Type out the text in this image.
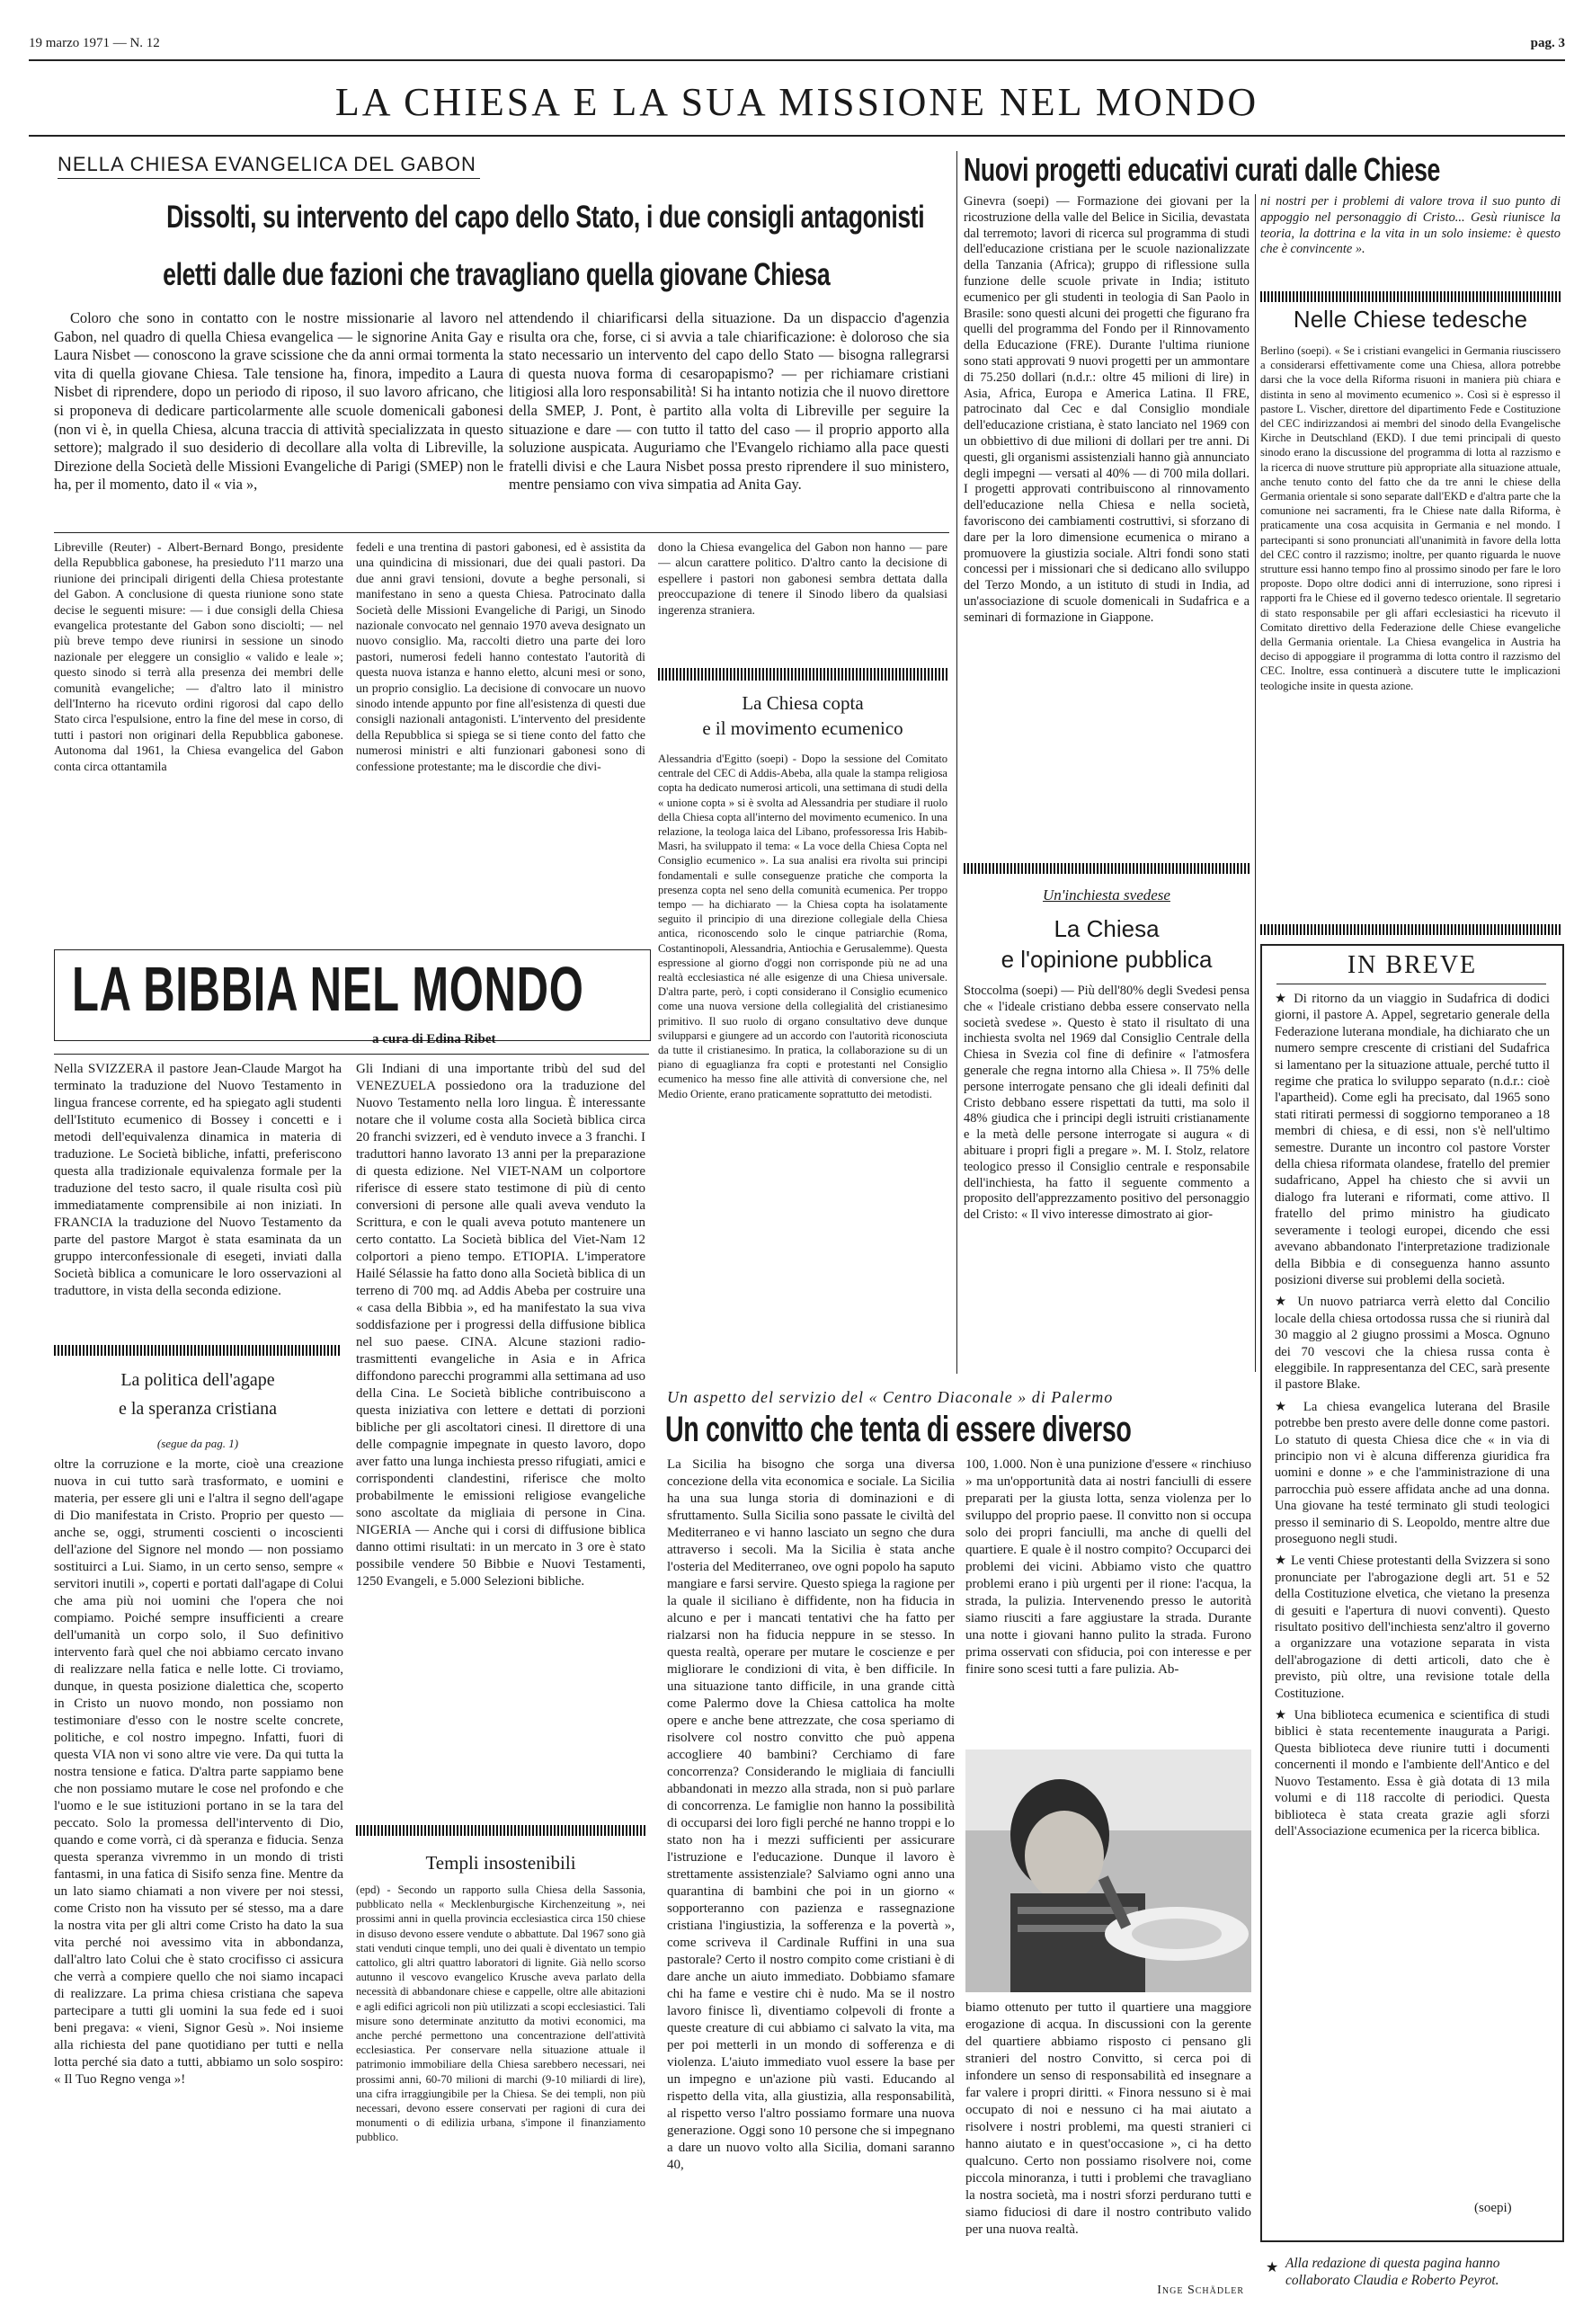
19 marzo 1971 — N. 12	pag. 3
LA CHIESA E LA SUA MISSIONE NEL MONDO
NELLA CHIESA EVANGELICA DEL GABON
Dissolti, su intervento del capo dello Stato, i due consigli antagonisti
eletti dalle due fazioni che travagliano quella giovane Chiesa
Coloro che sono in contatto con le nostre missionarie al lavoro nel Gabon, nel quadro di quella Chiesa evangelica — le signorine Anita Gay e Laura Nisbet — conoscono la grave scissione che da anni ormai tormenta la vita di quella giovane Chiesa. Tale tensione ha, finora, impedito a Laura Nisbet di riprendere, dopo un periodo di riposo, il suo lavoro africano, che si proponeva di dedicare particolarmente alle scuole domenicali gabonesi (non vi è, in quella Chiesa, alcuna traccia di attività specializzata in questo settore); malgrado il suo desiderio di decollare alla volta di Libreville, la Direzione della Società delle Missioni Evangeliche di Parigi (SMEP) non le ha, per il momento, dato il « via »,
attendendo il chiarificarsi della situazione. Da un dispaccio d'agenzia risulta ora che, forse, ci si avvia a tale chiarificazione: è doloroso che sia stato necessario un intervento del capo dello Stato — bisogna rallegrarsi di questa nuova forma di cesaropapismo? — per richiamare cristiani litigiosi alla loro responsabilità! Si ha intanto notizia che il nuovo direttore della SMEP, J. Pont, è partito alla volta di Libreville per seguire la situazione e dare — con tutto il tatto del caso — il proprio apporto alla soluzione auspicata. Auguriamo che l'Evangelo richiamo alla pace questi fratelli divisi e che Laura Nisbet possa presto riprendere il suo ministero, mentre pensiamo con viva simpatia ad Anita Gay.
Libreville (Reuter) - Albert-Bernard Bongo, presidente della Repubblica gabonese, ha presieduto l'11 marzo una riunione dei principali dirigenti della Chiesa protestante del Gabon. A conclusione di questa riunione sono state decise le seguenti misure: — i due consigli della Chiesa evangelica protestante del Gabon sono disciolti; — nel più breve tempo deve riunirsi in sessione un sinodo nazionale per eleggere un consiglio « valido e leale »; questo sinodo si terrà alla presenza dei membri delle comunità evangeliche; — d'altro lato il ministro dell'Interno ha ricevuto ordini rigorosi dal capo dello Stato circa l'espulsione, entro la fine del mese in corso, di tutti i pastori non originari della Repubblica gabonese. Autonoma dal 1961, la Chiesa evangelica del Gabon conta circa ottantamila
fedeli e una trentina di pastori gabonesi, ed è assistita da una quindicina di missionari, due dei quali pastori. Da due anni gravi tensioni, dovute a beghe personali, si manifestano in seno a questa Chiesa. Patrocinato dalla Società delle Missioni Evangeliche di Parigi, un Sinodo nazionale convocato nel gennaio 1970 aveva designato un nuovo consiglio. Ma, raccolti dietro una parte dei loro pastori, numerosi fedeli hanno contestato l'autorità di questa nuova istanza e hanno eletto, alcuni mesi or sono, un proprio consiglio. La decisione di convocare un nuovo sinodo intende appunto por fine all'esistenza di questi due consigli nazionali antagonisti. L'intervento del presidente della Repubblica si spiega se si tiene conto del fatto che numerosi ministri e alti funzionari gabonesi sono di confessione protestante; ma le discordie che divi-
dono la Chiesa evangelica del Gabon non hanno — pare — alcun carattere politico. D'altro canto la decisione di espellere i pastori non gabonesi sembra dettata dalla preoccupazione di tenere il Sinodo libero da qualsiasi ingerenza straniera.
La Chiesa copta
e il movimento ecumenico
Alessandria d'Egitto (soepi) - Dopo la sessione del Comitato centrale del CEC di Addis-Abeba, alla quale la stampa religiosa copta ha dedicato numerosi articoli, una settimana di studi della « unione copta » si è svolta ad Alessandria per studiare il ruolo della Chiesa copta all'interno del movimento ecumenico. In una relazione, la teologa laica del Libano, professoressa Iris Habib-Masri, ha sviluppato il tema: « La voce della Chiesa Copta nel Consiglio ecumenico ». La sua analisi era rivolta sui principi fondamentali e sulle conseguenze pratiche che comporta la presenza copta nel seno della comunità ecumenica. Per troppo tempo — ha dichiarato — la Chiesa copta ha isolatamente seguito il principio di una direzione collegiale della Chiesa antica, riconoscendo solo le cinque patriarchie (Roma, Costantinopoli, Alessandria, Antiochia e Gerusalemme). Questa espressione al giorno d'oggi non corrisponde più ne ad una realtà ecclesiastica né alle esigenze di una Chiesa universale. D'altra parte, però, i copti considerano il Consiglio ecumenico come una nuova versione della collegialità del cristianesimo primitivo. Il suo ruolo di organo consultativo deve dunque svilupparsi e giungere ad un accordo con l'autorità riconosciuta da tutte il cristianesimo. In pratica, la collaborazione su di un piano di eguaglianza fra copti e protestanti nel Consiglio ecumenico ha messo fine alle attività di conversione che, nel Medio Oriente, erano praticamente soprattutto dei metodisti.
LA BIBBIA NEL MONDO
a cura di Edina Ribet
Nella SVIZZERA il pastore Jean-Claude Margot ha terminato la traduzione del Nuovo Testamento in lingua francese corrente, ed ha spiegato agli studenti dell'Istituto ecumenico di Bossey i concetti e i metodi dell'equivalenza dinamica in materia di traduzione. Le Società bibliche, infatti, preferiscono questa alla tradizionale equivalenza formale per la traduzione del testo sacro, il quale risulta così più immediatamente comprensibile ai non iniziati. In FRANCIA la traduzione del Nuovo Testamento da parte del pastore Margot è stata esaminata da un gruppo interconfessionale di esegeti, inviati dalla Società biblica a comunicare le loro osservazioni al traduttore, in vista della seconda edizione.
Gli Indiani di una importante tribù del sud del VENEZUELA possiedono ora la traduzione del Nuovo Testamento nella loro lingua. È interessante notare che il volume costa alla Società biblica circa 20 franchi svizzeri, ed è venduto invece a 3 franchi. I traduttori hanno lavorato 13 anni per la preparazione di questa edizione. Nel VIET-NAM un colportore riferisce di essere stato testimone di più di cento conversioni di persone alle quali aveva venduto la Scrittura, e con le quali aveva potuto mantenere un certo contatto. La Società biblica del Viet-Nam 12 colportori a pieno tempo. ETIOPIA. L'imperatore Hailé Sélassie ha fatto dono alla Società biblica di un terreno di 700 mq. ad Addis Abeba per costruire una « casa della Bibbia », ed ha manifestato la sua viva soddisfazione per i progressi della diffusione biblica nel suo paese. CINA. Alcune stazioni radio-trasmittenti evangeliche in Asia e in Africa diffondono parecchi programmi alla settimana ad uso della Cina. Le Società bibliche contribuiscono a questa iniziativa con lettere e dettati di porzioni bibliche per gli ascoltatori cinesi. Il direttore di una delle compagnie impegnate in questo lavoro, dopo aver fatto una lunga inchiesta presso rifugiati, amici e corrispondenti clandestini, riferisce che molto probabilmente le emissioni religiose evangeliche sono ascoltate da migliaia di persone in Cina. NIGERIA — Anche qui i corsi di diffusione biblica danno ottimi risultati: in un mercato in 3 ore è stato possibile vendere 50 Bibbie e Nuovi Testamenti, 1250 Evangeli, e 5.000 Selezioni bibliche.
La politica dell'agape
e la speranza cristiana
(segue da pag. 1)
oltre la corruzione e la morte, cioè una creazione nuova in cui tutto sarà trasformato, e uomini e materia, per essere gli uni e l'altra il segno dell'agape di Dio manifestata in Cristo. Proprio per questo — anche se, oggi, strumenti coscienti o incoscienti dell'azione del Signore nel mondo — non possiamo sostituirci a Lui. Siamo, in un certo senso, sempre « servitori inutili », coperti e portati dall'agape di Colui che ama più noi uomini che l'opera che noi compiamo. Poiché sempre insufficienti a creare dell'umanità un corpo solo, il Suo definitivo intervento farà quel che noi abbiamo cercato invano di realizzare nella fatica e nelle lotte. Ci troviamo, dunque, in questa posizione dialettica che, scoperto in Cristo un nuovo mondo, non possiamo non testimoniare d'esso con le nostre scelte concrete, politiche, e col nostro impegno. Infatti, fuori di questa VIA non vi sono altre vie vere. Da qui tutta la nostra tensione e fatica. D'altra parte sappiamo bene che non possiamo mutare le cose nel profondo e che l'uomo e le sue istituzioni portano in se la tara del peccato. Solo la promessa dell'intervento di Dio, quando e come vorrà, ci dà speranza e fiducia. Senza questa speranza vivremmo in un mondo di tristi fantasmi, in una fatica di Sisifo senza fine. Mentre da un lato siamo chiamati a non vivere per noi stessi, come Cristo non ha vissuto per sé stesso, ma a dare la nostra vita per gli altri come Cristo ha dato la sua vita perché noi avessimo vita in abbondanza, dall'altro lato Colui che è stato crocifisso ci assicura che verrà a compiere quello che noi siamo incapaci di realizzare. La prima chiesa cristiana che sapeva partecipare a tutti gli uomini la sua fede ed i suoi beni pregava: « vieni, Signor Gesù ». Noi insieme alla richiesta del pane quotidiano per tutti e nella lotta perché sia dato a tutti, abbiamo un solo sospiro: « Il Tuo Regno venga »!
Templi insostenibili
(epd) - Secondo un rapporto sulla Chiesa della Sassonia, pubblicato nella « Mecklenburgische Kirchenzeitung », nei prossimi anni in quella provincia ecclesiastica circa 150 chiese in disuso devono essere vendute o abbattute. Dal 1967 sono già stati venduti cinque templi, uno dei quali è diventato un tempio cattolico, gli altri quattro laboratori di lignite. Già nello scorso autunno il vescovo evangelico Krusche aveva parlato della necessità di abbandonare chiese e cappelle, oltre alle abitazioni e agli edifici agricoli non più utilizzati a scopi ecclesiastici. Tali misure sono determinate anzitutto da motivi economici, ma anche perché permettono una concentrazione dell'attività ecclesiastica. Per conservare nella situazione attuale il patrimonio immobiliare della Chiesa sarebbero necessari, nei prossimi anni, 60-70 milioni di marchi (9-10 miliardi di lire), una cifra irraggiungibile per la Chiesa. Se dei templi, non più necessari, devono essere conservati per ragioni di cura dei monumenti o di edilizia urbana, s'impone il finanziamento pubblico.
Nuovi progetti educativi curati dalle Chiese
Ginevra (soepi) — Formazione dei giovani per la ricostruzione della valle del Belice in Sicilia, devastata dal terremoto; lavori di ricerca sul programma di studi dell'educazione cristiana per le scuole nazionalizzate della Tanzania (Africa); gruppo di riflessione sulla funzione delle scuole private in India; istituto ecumenico per gli studenti in teologia di San Paolo in Brasile: sono questi alcuni dei progetti che figurano fra quelli del programma del Fondo per il Rinnovamento della Educazione (FRE). Durante l'ultima riunione sono stati approvati 9 nuovi progetti per un ammontare di 75.250 dollari (n.d.r.: oltre 45 milioni di lire) in Asia, Africa, Europa e America Latina. Il FRE, patrocinato dal Cec e dal Consiglio mondiale dell'educazione cristiana, è stato lanciato nel 1969 con un obbiettivo di due milioni di dollari per tre anni. Di questi, gli organismi assistenziali hanno già annunciato degli impegni — versati al 40% — di 700 mila dollari. I progetti approvati contribuiscono al rinnovamento dell'educazione nella Chiesa e nella società, favoriscono dei cambiamenti costruttivi, si sforzano di dare per la loro dimensione ecumenica o mirano a promuovere la giustizia sociale. Altri fondi sono stati concessi per i missionari che si dedicano allo sviluppo del Terzo Mondo, a un istituto di studi in India, ad un'associazione di scuole domenicali in Sudafrica e a seminari di formazione in Giappone.
ni nostri per i problemi di valore trova il suo punto di appoggio nel personaggio di Cristo... Gesù riunisce la teoria, la dottrina e la vita in un solo insieme: è questo che è convincente ».
Nelle Chiese tedesche
Berlino (soepi). « Se i cristiani evangelici in Germania riuscissero a considerarsi effettivamente come una Chiesa, allora potrebbe darsi che la voce della Riforma risuoni in maniera più chiara e distinta in seno al movimento ecumenico ». Così si è espresso il pastore L. Vischer, direttore del dipartimento Fede e Costituzione del CEC indirizzandosi ai membri del sinodo della Evangelische Kirche in Deutschland (EKD). I due temi principali di questo sinodo erano la discussione del programma di lotta al razzismo e la ricerca di nuove strutture più appropriate alla situazione attuale, anche tenuto conto del fatto che da tre anni le chiese della Germania orientale si sono separate dall'EKD e d'altra parte che la comunione nei sacramenti, fra le Chiese nate dalla Riforma, è praticamente una cosa acquisita in Germania e nel mondo. I partecipanti si sono pronunciati all'unanimità in favore della lotta del CEC contro il razzismo; inoltre, per quanto riguarda le nuove strutture essi hanno tempo fino al prossimo sinodo per fare le loro proposte. Dopo oltre dodici anni di interruzione, sono ripresi i rapporti fra le Chiese ed il governo tedesco orientale. Il segretario di stato responsabile per gli affari ecclesiastici ha ricevuto il Comitato direttivo della Federazione delle Chiese evangeliche della Germania orientale. La Chiesa evangelica in Austria ha deciso di appoggiare il programma di lotta contro il razzismo del CEC. Inoltre, essa continuerà a discutere tutte le implicazioni teologiche insite in questa azione.
Un'inchiesta svedese
La Chiesa
e l'opinione pubblica
Stoccolma (soepi) — Più dell'80% degli Svedesi pensa che « l'ideale cristiano debba essere conservato nella società svedese ». Questo è stato il risultato di una inchiesta svolta nel 1969 dal Consiglio Centrale della Chiesa in Svezia col fine di definire « l'atmosfera generale che regna intorno alla Chiesa ». Il 75% delle persone interrogate pensano che gli ideali definiti dal Cristo debbano essere rispettati da tutti, ma solo il 48% giudica che i principi degli istruiti cristianamente e la metà delle persone interrogate si augura « di abituare i propri figli a pregare ». M. I. Stolz, relatore teologico presso il Consiglio centrale e responsabile dell'inchiesta, ha fatto il seguente commento a proposito dell'apprezzamento positivo del personaggio del Cristo: « Il vivo interesse dimostrato ai gior-
IN BREVE

★ Di ritorno da un viaggio in Sudafrica di dodici giorni, il pastore A. Appel, segretario generale della Federazione luterana mondiale, ha dichiarato che un numero sempre crescente di cristiani del Sudafrica si lamentano per la situazione attuale, perché tutto il regime che pratica lo sviluppo separato (n.d.r.: cioè l'apartheid). Come egli ha precisato, dal 1965 sono stati ritirati permessi di soggiorno temporaneo a 18 membri di chiesa, e di essi, non s'è nell'ultimo semestre. Durante un incontro col pastore Vorster della chiesa riformata olandese, fratello del premier sudafricano, Appel ha chiesto che si avvii un dialogo fra luterani e riformati, come attivo. Il fratello del primo ministro ha giudicato severamente i teologi europei, dicendo che essi avevano abbandonato l'interpretazione tradizionale della Bibbia e di conseguenza hanno assunto posizioni diverse sui problemi della società.

★ Un nuovo patriarca verrà eletto dal Concilio locale della chiesa ortodossa russa che si riunirà dal 30 maggio al 2 giugno prossimi a Mosca. Ognuno dei 70 vescovi che la chiesa russa conta è eleggibile. In rappresentanza del CEC, sarà presente il pastore Blake.

★ La chiesa evangelica luterana del Brasile potrebbe ben presto avere delle donne come pastori. Lo statuto di questa Chiesa dice che « in via di principio non vi è alcuna differenza giuridica fra uomini e donne » e che l'amministrazione di una parrocchia può essere affidata anche ad una donna. Una giovane ha testé terminato gli studi teologici presso il seminario di S. Leopoldo, mentre altre due proseguono negli studi.

★ Le venti Chiese protestanti della Svizzera si sono pronunciate per l'abrogazione degli art. 51 e 52 della Costituzione elvetica, che vietano la presenza di gesuiti e l'apertura di nuovi conventi). Questo risultato positivo dell'inchiesta senz'altro il governo a organizzare una votazione separata in vista dell'abrogazione di detti articoli, dato che è previsto, più oltre, una revisione totale della Costituzione.

★ Una biblioteca ecumenica e scientifica di studi biblici è stata recentemente inaugurata a Parigi. Questa biblioteca deve riunire tutti i documenti concernenti il mondo e l'ambiente dell'Antico e del Nuovo Testamento. Essa è già dotata di 13 mila volumi e di 118 raccolte di periodici. Questa biblioteca è stata creata grazie agli sforzi dell'Associazione ecumenica per la ricerca biblica.

(soepi)
★ Alla redazione di questa pagina hanno collaborato Claudia e Roberto Peyrot.
Un aspetto del servizio del « Centro Diaconale » di Palermo
Un convitto che tenta di essere diverso
La Sicilia ha bisogno che sorga una diversa concezione della vita economica e sociale. La Sicilia ha una sua lunga storia di dominazioni e di sfruttamento. Sulla Sicilia sono passate le civiltà del Mediterraneo e vi hanno lasciato un segno che dura attraverso i secoli. Ma la Sicilia è stata anche l'osteria del Mediterraneo, ove ogni popolo ha saputo mangiare e farsi servire. Questo spiega la ragione per la quale il siciliano è diffidente, non ha fiducia in alcuno e per i mancati tentativi che ha fatto per rialzarsi non ha fiducia neppure in se stesso. In questa realtà, operare per mutare le coscienze e per migliorare le condizioni di vita, è ben difficile. In una situazione tanto difficile, in una grande città come Palermo dove la Chiesa cattolica ha molte opere e anche bene attrezzate, che cosa speriamo di risolvere col nostro convitto che può appena accogliere 40 bambini? Cerchiamo di fare concorrenza? Considerando le migliaia di fanciulli abbandonati in mezzo alla strada, non si può parlare di concorrenza. Le famiglie non hanno la possibilità di occuparsi dei loro figli perché ne hanno troppi e lo stato non ha i mezzi sufficienti per assicurare l'istruzione e l'educazione. Dunque il lavoro è strettamente assistenziale? Salviamo ogni anno una quarantina di bambini che poi in un giorno « sopporteranno con pazienza e rassegnazione cristiana l'ingiustizia, la sofferenza e la povertà », come scriveva il Cardinale Ruffini in una sua pastorale? Certo il nostro compito come cristiani è di dare anche un aiuto immediato. Dobbiamo sfamare chi ha fame e vestire chi è nudo. Ma se il nostro lavoro finisce lì, diventiamo colpevoli di fronte a queste creature di cui abbiamo ci salvato la vita, ma per poi metterli in un mondo di sofferenza e di violenza. L'aiuto immediato vuol essere la base per un impegno e un'azione più vasti. Educando al rispetto della vita, alla giustizia, alla responsabilità, al rispetto verso l'altro possiamo formare una nuova generazione. Oggi sono 10 persone che si impegnano a dare un nuovo volto alla Sicilia, domani saranno 40,
100, 1.000. Non è una punizione d'essere « rinchiuso » ma un'opportunità data ai nostri fanciulli di essere preparati per la giusta lotta, senza violenza per lo sviluppo del proprio paese. Il convitto non si occupa solo dei propri fanciulli, ma anche di quelli del quartiere. E quale è il nostro compito? Occuparci dei problemi dei vicini. Abbiamo visto che quattro problemi erano i più urgenti per il rione: l'acqua, la strada, la pulizia. Intervenendo presso le autorità siamo riusciti a fare aggiustare la strada. Durante una notte i giovani hanno pulito la strada. Furono prima osservati con sfiducia, poi con interesse e per finire sono scesi tutti a fare pulizia. Ab-
biamo ottenuto per tutto il quartiere una maggiore erogazione di acqua. In discussioni con la gerente del quartiere abbiamo risposto ci pensano gli stranieri del nostro Convitto, si cerca poi di infondere un senso di responsabilità ed insegnare a far valere i propri diritti. « Finora nessuno si è mai occupato di noi e nessuno ci ha mai aiutato a risolvere i nostri problemi, ma questi stranieri ci hanno aiutato e in quest'occasione », ci ha detto qualcuno. Certo non possiamo risolvere noi, come piccola minoranza, i tutti i problemi che travagliano la nostra società, ma i nostri sforzi perdurano tutti e siamo fiduciosi di dare il nostro contributo valido per una nuova realtà.
Inge Schädler
